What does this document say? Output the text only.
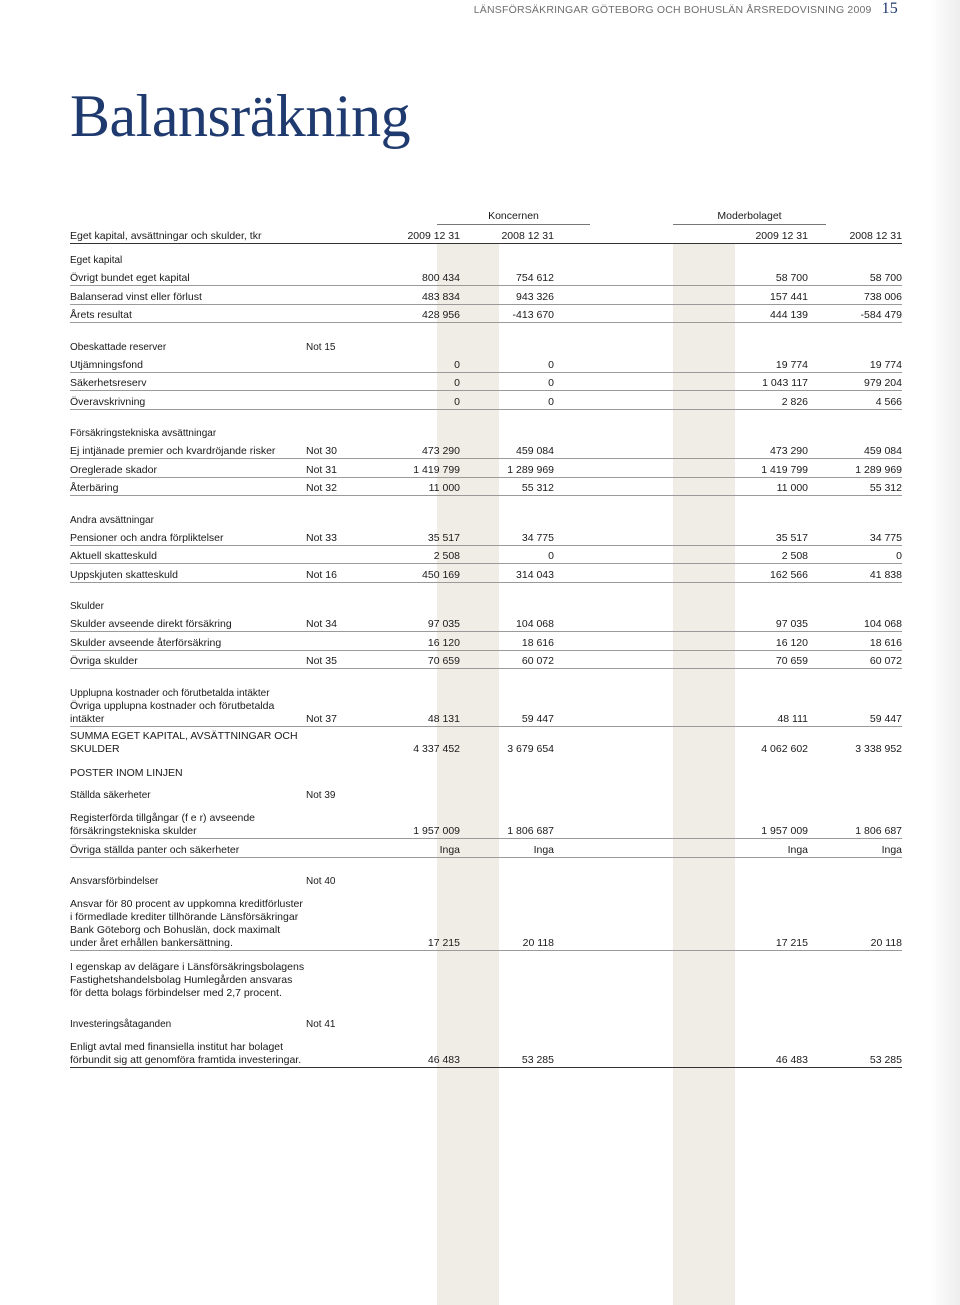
LÄNSFÖRSÄKRINGAR GÖTEBORG OCH BOHUSLÄN ÅRSREDOVISNING 2009 15
Balansräkning
Koncernen	Moderbolaget
Eget kapital, avsättningar och skulder, tkr		2009 12 31	2008 12 31		2009 12 31	2008 12 31
Eget kapital						
Övrigt bundet eget kapital		800 434	754 612		58 700	58 700
Balanserad vinst eller förlust		483 834	943 326		157 441	738 006
Årets resultat		428 956	-413 670		444 139	-584 479
Obeskattade reserver	Not 15					
Utjämningsfond		0	0		19 774	19 774
Säkerhetsreserv		0	0		1 043 117	979 204
Överavskrivning		0	0		2 826	4 566
Försäkringstekniska avsättningar						
Ej intjänade premier och kvardröjande risker	Not 30	473 290	459 084		473 290	459 084
Oreglerade skador	Not 31	1 419 799	1 289 969		1 419 799	1 289 969
Återbäring	Not 32	11 000	55 312		11 000	55 312
Andra avsättningar						
Pensioner och andra förpliktelser	Not 33	35 517	34 775		35 517	34 775
Aktuell skatteskuld		2 508	0		2 508	0
Uppskjuten skatteskuld	Not 16	450 169	314 043		162 566	41 838
Skulder						
Skulder avseende direkt försäkring	Not 34	97 035	104 068		97 035	104 068
Skulder avseende återförsäkring		16 120	18 616		16 120	18 616
Övriga skulder	Not 35	70 659	60 072		70 659	60 072
Upplupna kostnader och förutbetalda intäkter						
Övriga upplupna kostnader och förutbetalda intäkter	Not 37	48 131	59 447		48 111	59 447
SUMMA EGET KAPITAL, AVSÄTTNINGAR OCH SKULDER		4 337 452	3 679 654		4 062 602	3 338 952
POSTER INOM LINJEN						
Ställda säkerheter	Not 39					
Registerförda tillgångar (f e r) avseende försäkringstekniska skulder		1 957 009	1 806 687		1 957 009	1 806 687
Övriga ställda panter och säkerheter		Inga	Inga		Inga	Inga
Ansvarsförbindelser	Not 40					
Ansvar för 80 procent av uppkomna kreditförluster i förmedlade krediter tillhörande Länsförsäkringar Bank Göteborg och Bohuslän, dock maximalt under året erhållen bankersättning.		17 215	20 118		17 215	20 118
I egenskap av delägare i Länsförsäkringsbolagens Fastighetshandelsbolag Humlegården ansvaras för detta bolags förbindelser med 2,7 procent.						
Investeringsåtaganden	Not 41					
Enligt avtal med finansiella institut har bolaget förbundit sig att genomföra framtida investeringar.		46 483	53 285		46 483	53 285
